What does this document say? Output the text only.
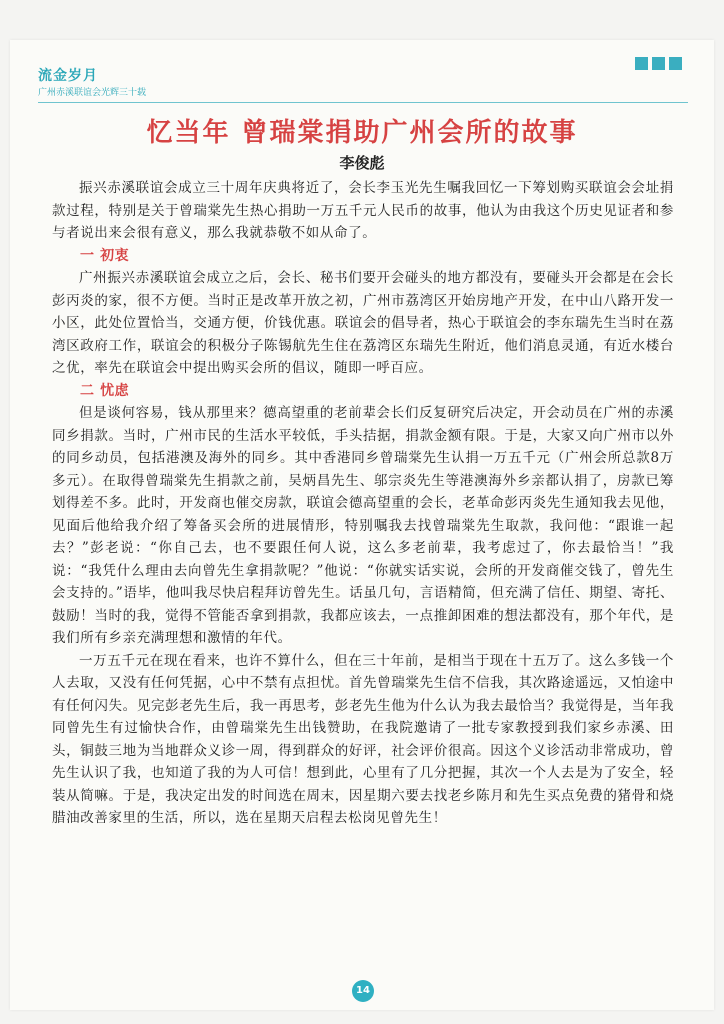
流金岁月
广州赤溪联谊会光辉三十载
忆当年 曾瑞棠捐助广州会所的故事
李俊彪

振兴赤溪联谊会成立三十周年庆典将近了，会长李玉光先生嘱我回忆一下筹划购买联谊会会址捐款过程，特别是关于曾瑞棠先生热心捐助一万五千元人民币的故事，他认为由我这个历史见证者和参与者说出来会很有意义，那么我就恭敬不如从命了。

一 初衷

广州振兴赤溪联谊会成立之后，会长、秘书们要开会碰头的地方都没有，要碰头开会都是在会长彭丙炎的家，很不方便。当时正是改革开放之初，广州市荔湾区开始房地产开发，在中山八路开发一小区，此处位置恰当，交通方便，价钱优惠。联谊会的倡导者，热心于联谊会的李东瑞先生当时在荔湾区政府工作，联谊会的积极分子陈锡航先生住在荔湾区东瑞先生附近，他们消息灵通，有近水楼台之优，率先在联谊会中提出购买会所的倡议，随即一呼百应。

二 忧虑

但是谈何容易，钱从那里来？德高望重的老前辈会长们反复研究后决定，开会动员在广州的赤溪同乡捐款。当时，广州市民的生活水平较低，手头拮据，捐款金额有限。于是，大家又向广州市以外的同乡动员，包括港澳及海外的同乡。其中香港同乡曾瑞棠先生认捐一万五千元（广州会所总款8万多元）。在取得曾瑞棠先生捐款之前，吴炳昌先生、邬宗炎先生等港澳海外乡亲都认捐了，房款已筹划得差不多。此时，开发商也催交房款，联谊会德高望重的会长，老革命彭丙炎先生通知我去见他，见面后他给我介绍了筹备买会所的进展情形，特别嘱我去找曾瑞棠先生取款，我问他：“跟谁一起去？”彭老说：“你自己去，也不要跟任何人说，这么多老前辈，我考虑过了，你去最恰当！”我说：“我凭什么理由去向曾先生拿捐款呢？”他说：“你就实话实说，会所的开发商催交钱了，曾先生会支持的。”语毕，他叫我尽快启程拜访曾先生。话虽几句，言语精简，但充满了信任、期望、寄托、鼓励！当时的我，觉得不管能否拿到捐款，我都应该去，一点推卸困难的想法都没有，那个年代，是我们所有乡亲充满理想和激情的年代。

一万五千元在现在看来，也许不算什么，但在三十年前，是相当于现在十五万了。这么多钱一个人去取，又没有任何凭据，心中不禁有点担忧。首先曾瑞棠先生信不信我，其次路途遥远，又怕途中有任何闪失。见完彭老先生后，我一再思考，彭老先生他为什么认为我去最恰当？我觉得是，当年我同曾先生有过愉快合作，由曾瑞棠先生出钱赞助，在我院邀请了一批专家教授到我们家乡赤溪、田头，铜鼓三地为当地群众义诊一周，得到群众的好评，社会评价很高。因这个义诊活动非常成功，曾先生认识了我，也知道了我的为人可信！想到此，心里有了几分把握，其次一个人去是为了安全，轻装从简嘛。于是，我决定出发的时间选在周末，因星期六要去找老乡陈月和先生买点免费的猪骨和烧腊油改善家里的生活，所以，选在星期天启程去松岗见曾先生！

14
